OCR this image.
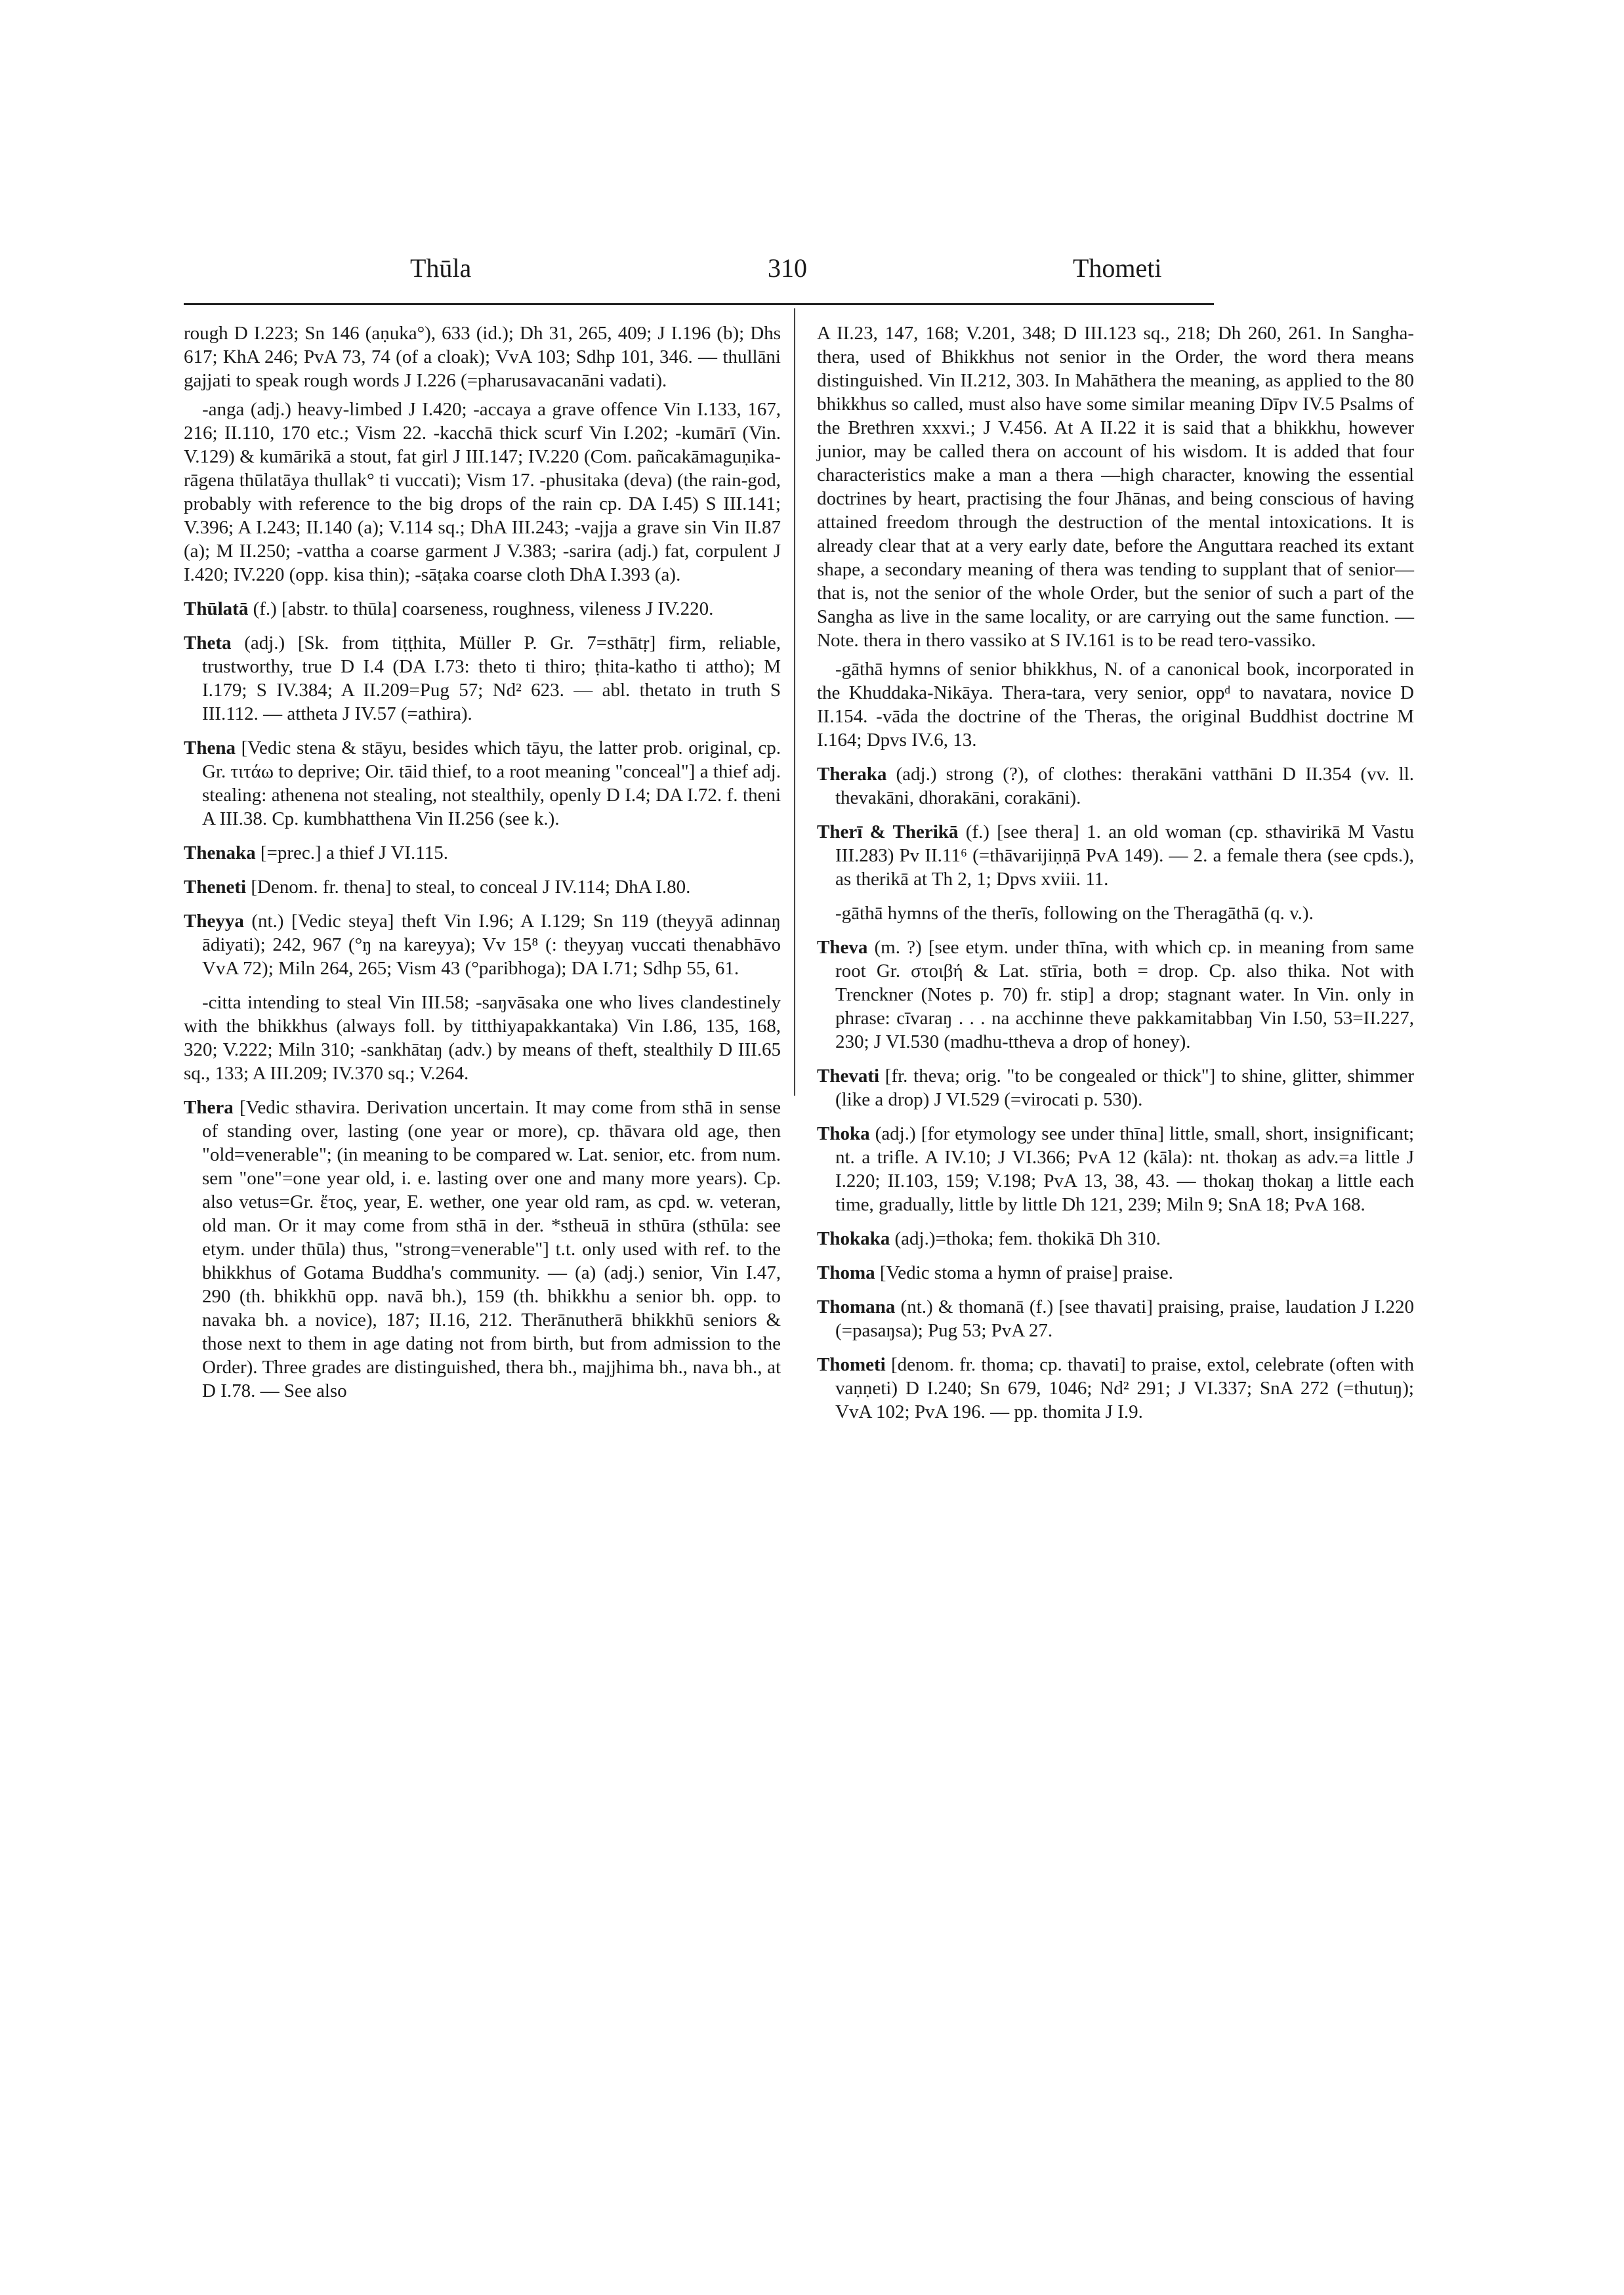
Thūla	310	Thometi

rough D I.223; Sn 146 (aṇuka°), 633 (id.); Dh 31, 265, 409; J I.196 (b); Dhs 617; KhA 246; PvA 73, 74 (of a cloak); VvA 103; Sdhp 101, 346. — thullāni gajjati to speak rough words J I.226 (=pharusavacanāni vadati).

-anga (adj.) heavy-limbed J I.420; -accaya a grave offence Vin I.133, 167, 216; II.110, 170 etc.; Vism 22. -kacchā thick scurf Vin I.202; -kumārī (Vin. V.129) & kumārikā a stout, fat girl J III.147; IV.220 (Com. pañcakāmaguṇika-rāgena thūlatāya thullak° ti vuccati); Vism 17. -phusitaka (deva) (the rain-god, probably with reference to the big drops of the rain cp. DA I.45) S III.141; V.396; A I.243; II.140 (a); V.114 sq.; DhA III.243; -vajja a grave sin Vin II.87 (a); M II.250; -vattha a coarse garment J V.383; -sarira (adj.) fat, corpulent J I.420; IV.220 (opp. kisa thin); -sāṭaka coarse cloth DhA I.393 (a).

Thūlatā (f.) [abstr. to thūla] coarseness, roughness, vileness J IV.220.

Theta (adj.) [Sk. from tiṭṭhita, Müller P. Gr. 7=sthātṛ] firm, reliable, trustworthy, true D I.4 (DA I.73: theto ti thiro; ṭhita-katho ti attho); M I.179; S IV.384; A II.209=Pug 57; Nd² 623. — abl. thetato in truth S III.112. — attheta J IV.57 (=athira).

Thena [Vedic stena & stāyu, besides which tāyu, the latter prob. original, cp. Gr. τιτάω to deprive; Oir. tāid thief, to a root meaning "conceal"] a thief adj. stealing: athenena not stealing, not stealthily, openly D I.4; DA I.72. f. theni A III.38. Cp. kumbhatthena Vin II.256 (see k.).

Thenaka [=prec.] a thief J VI.115.

Theneti [Denom. fr. thena] to steal, to conceal J IV.114; DhA I.80.

Theyya (nt.) [Vedic steya] theft Vin I.96; A I.129; Sn 119 (theyyā adinnaŋ ādiyati); 242, 967 (°ŋ na kareyya); Vv 15⁸ (: theyyaŋ vuccati thenabhāvo VvA 72); Miln 264, 265; Vism 43 (°paribhoga); DA I.71; Sdhp 55, 61.

-citta intending to steal Vin III.58; -saŋvāsaka one who lives clandestinely with the bhikkhus (always foll. by titthiyapakkantaka) Vin I.86, 135, 168, 320; V.222; Miln 310; -sankhātaŋ (adv.) by means of theft, stealthily D III.65 sq., 133; A III.209; IV.370 sq.; V.264.

Thera [Vedic sthavira. Derivation uncertain. It may come from sthā in sense of standing over, lasting (one year or more), cp. thāvara old age, then "old=venerable"; (in meaning to be compared w. Lat. senior, etc. from num. sem "one"=one year old, i. e. lasting over one and many more years). Cp. also vetus=Gr. ἔτος, year, E. wether, one year old ram, as cpd. w. veteran, old man. Or it may come from sthā in der. *stheuā in sthūra (sthūla: see etym. under thūla) thus, "strong=venerable"] t.t. only used with ref. to the bhikkhus of Gotama Buddha's community. — (a) (adj.) senior, Vin I.47, 290 (th. bhikkhū opp. navā bh.), 159 (th. bhikkhu a senior bh. opp. to navaka bh. a novice), 187; II.16, 212. Therānutherā bhikkhū seniors & those next to them in age dating not from birth, but from admission to the Order). Three grades are distinguished, thera bh., majjhima bh., nava bh., at D I.78. — See also

A II.23, 147, 168; V.201, 348; D III.123 sq., 218; Dh 260, 261. In Sangha-thera, used of Bhikkhus not senior in the Order, the word thera means distinguished. Vin II.212, 303. In Mahāthera the meaning, as applied to the 80 bhikkhus so called, must also have some similar meaning Dīpv IV.5 Psalms of the Brethren xxxvi.; J V.456. At A II.22 it is said that a bhikkhu, however junior, may be called thera on account of his wisdom. It is added that four characteristics make a man a thera —high character, knowing the essential doctrines by heart, practising the four Jhānas, and being conscious of having attained freedom through the destruction of the mental intoxications. It is already clear that at a very early date, before the Anguttara reached its extant shape, a secondary meaning of thera was tending to supplant that of senior—that is, not the senior of the whole Order, but the senior of such a part of the Sangha as live in the same locality, or are carrying out the same function. — Note. thera in thero vassiko at S IV.161 is to be read tero-vassiko.

-gāthā hymns of senior bhikkhus, N. of a canonical book, incorporated in the Khuddaka-Nikāya. Thera-tara, very senior, oppᵈ to navatara, novice D II.154. -vāda the doctrine of the Theras, the original Buddhist doctrine M I.164; Dpvs IV.6, 13.

Theraka (adj.) strong (?), of clothes: therakāni vatthāni D II.354 (vv. ll. thevakāni, dhorakāni, corakāni).

Therī & Therikā (f.) [see thera] 1. an old woman (cp. sthavirikā M Vastu III.283) Pv II.11⁶ (=thāvarijiṇṇā PvA 149). — 2. a female thera (see cpds.), as therikā at Th 2, 1; Dpvs xviii. 11.

-gāthā hymns of the therīs, following on the Theragāthā (q. v.).

Theva (m. ?) [see etym. under thīna, with which cp. in meaning from same root Gr. στοιβή & Lat. stīria, both = drop. Cp. also thika. Not with Trenckner (Notes p. 70) fr. stip] a drop; stagnant water. In Vin. only in phrase: cīvaraŋ . . . na acchinne theve pakkamitabbaŋ Vin I.50, 53=II.227, 230; J VI.530 (madhu-ttheva a drop of honey).

Thevati [fr. theva; orig. "to be congealed or thick"] to shine, glitter, shimmer (like a drop) J VI.529 (=virocati p. 530).

Thoka (adj.) [for etymology see under thīna] little, small, short, insignificant; nt. a trifle. A IV.10; J VI.366; PvA 12 (kāla): nt. thokaŋ as adv.=a little J I.220; II.103, 159; V.198; PvA 13, 38, 43. — thokaŋ thokaŋ a little each time, gradually, little by little Dh 121, 239; Miln 9; SnA 18; PvA 168.

Thokaka (adj.)=thoka; fem. thokikā Dh 310.

Thoma [Vedic stoma a hymn of praise] praise.

Thomana (nt.) & thomanā (f.) [see thavati] praising, praise, laudation J I.220 (=pasaŋsa); Pug 53; PvA 27.

Thometi [denom. fr. thoma; cp. thavati] to praise, extol, celebrate (often with vaṇṇeti) D I.240; Sn 679, 1046; Nd² 291; J VI.337; SnA 272 (=thutuŋ); VvA 102; PvA 196. — pp. thomita J I.9.
